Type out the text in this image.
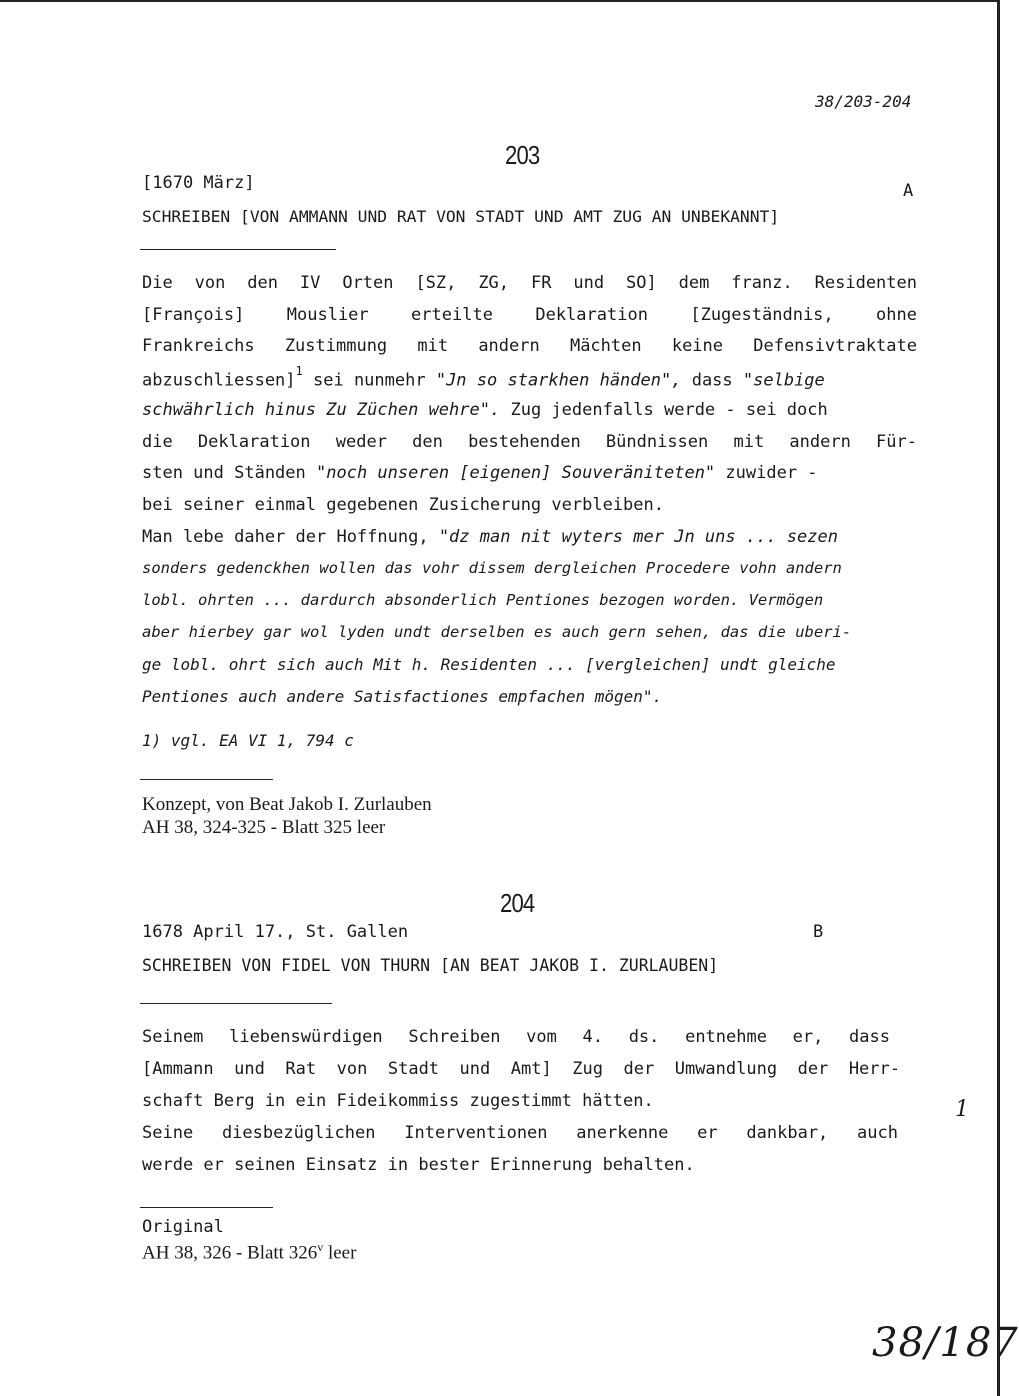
38/203-204
203
[1670 März]	A
SCHREIBEN [VON AMMANN UND RAT VON STADT UND AMT ZUG AN UNBEKANNT]
Die von den IV Orten [SZ, ZG, FR und SO] dem franz. Residenten
[François] Mouslier erteilte Deklaration [Zugeständnis, ohne
Frankreichs Zustimmung mit andern Mächten keine Defensivtraktate
abzuschliessen]$^1$ sei nunmehr "Jn so starkhen händen", dass "selbige
schwährlich hinus Zu Züchen wehre". Zug jedenfalls werde - sei doch
die Deklaration weder den bestehenden Bündnissen mit andern Für-
sten und Ständen "noch unseren [eigenen] Souveräniteten" zuwider -
bei seiner einmal gegebenen Zusicherung verbleiben.
Man lebe daher der Hoffnung, "dz man nit wyters mer Jn uns ... sezen
sonders gedenckhen wollen das vohr dissem dergleichen Procedere vohn andern
lobl. ohrten ... dardurch absonderlich Pentiones bezogen worden. Vermögen
aber hierbey gar wol lyden undt derselben es auch gern sehen, das die uberi-
ge lobl. ohrt sich auch Mit h. Residenten ... [vergleichen] undt gleiche
Pentiones auch andere Satisfactiones empfachen mögen".
1) vgl. EA VI 1, 794 c
Konzept, von Beat Jakob I. Zurlauben
AH 38, 324-325 - Blatt 325 leer
204
1678 April 17., St. Gallen	B
SCHREIBEN VON FIDEL VON THURN [AN BEAT JAKOB I. ZURLAUBEN]
Seinem liebenswürdigen Schreiben vom 4. ds. entnehme er, dass
[Ammann und Rat von Stadt und Amt] Zug der Umwandlung der Herr-
schaft Berg in ein Fideikommiss zugestimmt hätten.
Seine diesbezüglichen Interventionen anerkenne er dankbar, auch
werde er seinen Einsatz in bester Erinnerung behalten.
Original
AH 38, 326 - Blatt 326$^v$ leer
1
38/187
